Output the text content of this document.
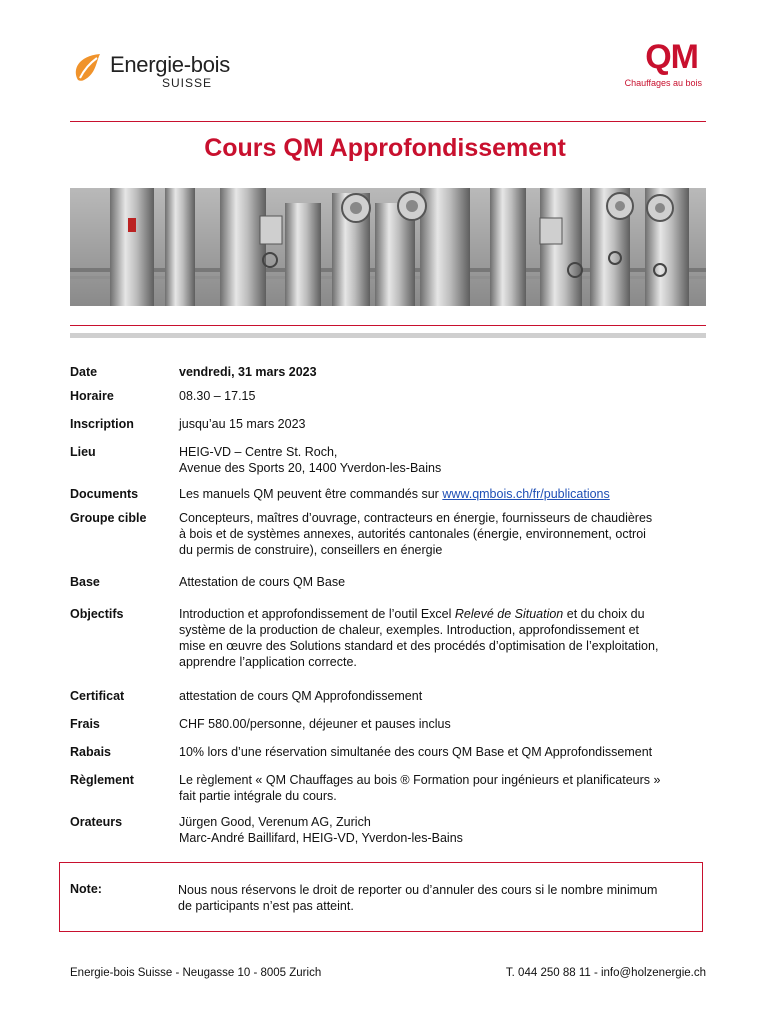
Energie-bois
SUISSE
QM
Chauffages au bois
Cours QM Approfondissement
Date	vendredi, 31 mars 2023

Horaire	08.30 – 17.15

Inscription	jusqu’au 15 mars 2023

Lieu	HEIG-VD – Centre St. Roch,

Avenue des Sports 20, 1400 Yverdon-les-Bains

Documents	Les manuels QM peuvent être commandés sur www.qmbois.ch/fr/publications
Groupe cible	Concepteurs, maîtres d’ouvrage, contracteurs en énergie, fournisseurs de chaudières

à bois et de systèmes annexes, autorités cantonales (énergie, environnement, octroi

du permis de construire), conseillers en énergie

Base	Attestation de cours QM Base

Objectifs	Introduction et approfondissement de l’outil Excel Relevé de Situation et du choix du

système de la production de chaleur, exemples. Introduction, approfondissement et

mise en œuvre des Solutions standard et des procédés d’optimisation de l’exploitation,

apprendre l’application correcte.

Certificat	attestation de cours QM Approfondissement

Frais	CHF 580.00/personne, déjeuner et pauses inclus

Rabais	10% lors d’une réservation simultanée des cours QM Base et QM Approfondissement

Règlement	Le règlement « QM Chauffages au bois ® Formation pour ingénieurs et planificateurs »

fait partie intégrale du cours.

Orateurs	Jürgen Good, Verenum AG, Zurich

Marc-André Baillifard, HEIG-VD, Yverdon-les-Bains

Note:	Nous nous réservons le droit de reporter ou d’annuler des cours si le nombre minimum

de participants n’est pas atteint.

Energie-bois Suisse - Neugasse 10 - 8005 Zurich	T. 044 250 88 11 - info@holzenergie.ch
